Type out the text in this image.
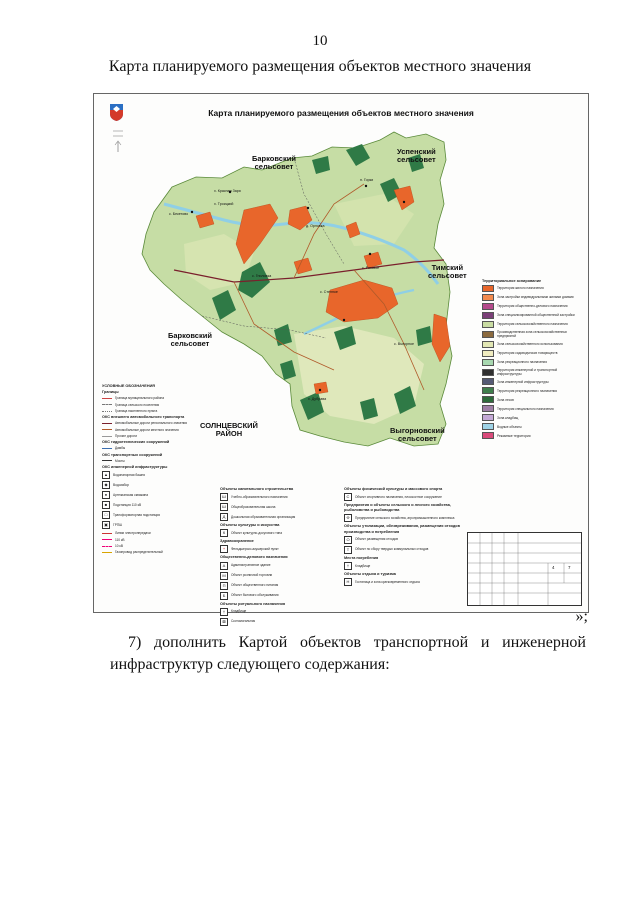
10
Карта планируемого размещения объектов местного значения
Карта планируемого размещения объектов местного значения
Барковский
сельсовет
Успенский
сельсовет
Тимский
сельсовет
Барковский
сельсовет
Выгорновский
сельсовет
СОЛНЦЕВСКИЙ
РАЙОН
х. Красная Заря
х. Троицкий
с. Бекетово
д. Орловка
с. Выгорное
х. Дубрава
с. Гниловка
с. Роговое
с. Степное
п. Горки
УСЛОВНЫЕ ОБОЗНАЧЕНИЯ
Границы
Граница муниципального района
Граница сельского поселения
Граница населенного пункта
ОКС внешнего автомобильного транспорта
Автомобильные дороги регионального значения
Автомобильные дороги местного значения
Прочие дороги
ОКС гидротехнических сооружений
Дамбы
ОКС транспортных сооружений
Мосты
ОКС инженерной инфраструктуры
▲	Водонапорная башня
◆	Водозабор
●	Артезианская скважина
■	Подстанция 110 кВ
□	Трансформаторная подстанция
▣	ГРПШ
Линии электропередачи
110 кВ
10 кВ
Газопровод распределительный
Объекты капитального строительства
Ш	Учебно-образовательного назначения
Ш	Общеобразовательная школа
Д	Дошкольная образовательная организация
Объекты культуры и искусства
К	Объект культурно-досугового типа
Здравоохранение
+	Фельдшерско-акушерский пункт
Общественно-делового назначения
А	Административное здание
М	Объект розничной торговли
П	Объект общественного питания
Б	Объект бытового обслуживания
Объекты ритуального назначения
†	Кладбище
⊠	Скотомогильник
Объекты физической культуры и массового спорта
С	Объект спортивного назначения, плоскостное сооружение
Предприятия и объекты сельского и лесного хозяйства, рыболовства и рыбоводства
Ф	Предприятие сельского хозяйства, агропромышленного комплекса
Объекты утилизации, обезвреживания, размещения отходов производства и потребления
О	Объект размещения отходов
Т	Объект по сбору твердых коммунальных отходов
Места погребения
†	Кладбище
Объекты отдыха и туризма
Н	Гостиница и зона кратковременного отдыха
Территориальное зонирование
Территория жилого назначения
Зона застройки индивидуальными жилыми домами
Территория общественно-делового назначения
Зона специализированной общественной застройки
Территория сельскохозяйственного назначения
Производственная зона сельскохозяйственных предприятий
Зона сельскохозяйственного использования
Территория садоводческих товариществ
Зона рекреационного назначения
Территория инженерной и транспортной инфраструктуры
Зона инженерной инфраструктуры
Территория рекреационного назначения
Зона лесов
Территория специального назначения
Зона кладбищ
Водные объекты
Режимные территории
4	7
»;
7) дополнить Картой объектов транспортной и инженерной инфраструктур следующего содержания:
